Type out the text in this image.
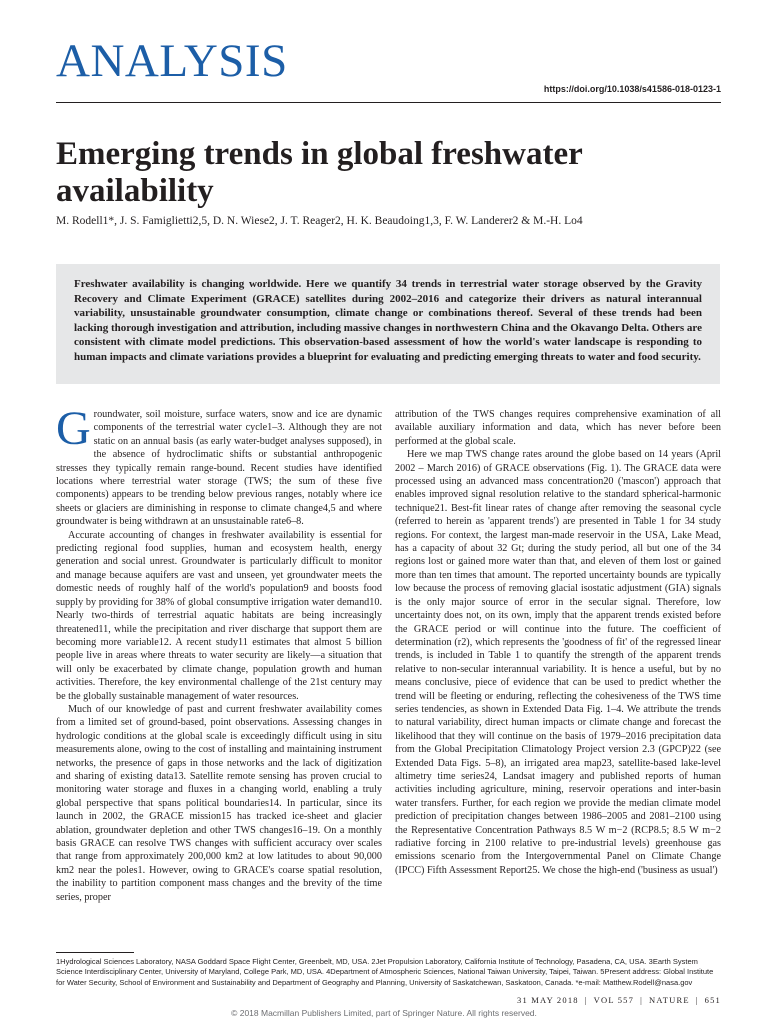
ANALYSIS
https://doi.org/10.1038/s41586-018-0123-1
Emerging trends in global freshwater availability

M. Rodell1*, J. S. Famiglietti2,5, D. N. Wiese2, J. T. Reager2, H. K. Beaudoing1,3, F. W. Landerer2 & M.-H. Lo4

Freshwater availability is changing worldwide. Here we quantify 34 trends in terrestrial water storage observed by the Gravity Recovery and Climate Experiment (GRACE) satellites during 2002–2016 and categorize their drivers as natural interannual variability, unsustainable groundwater consumption, climate change or combinations thereof. Several of these trends had been lacking thorough investigation and attribution, including massive changes in northwestern China and the Okavango Delta. Others are consistent with climate model predictions. This observation-based assessment of how the world's water landscape is responding to human impacts and climate variations provides a blueprint for evaluating and predicting emerging threats to water and food security.

Groundwater, soil moisture, surface waters, snow and ice are dynamic components of the terrestrial water cycle1–3. Although they are not static on an annual basis (as early water-budget analyses supposed), in the absence of hydroclimatic shifts or substantial anthropogenic stresses they typically remain range-bound. Recent studies have identified locations where terrestrial water storage (TWS; the sum of these five components) appears to be trending below previous ranges, notably where ice sheets or glaciers are diminishing in response to climate change4,5 and where groundwater is being withdrawn at an unsustainable rate6–8.

Accurate accounting of changes in freshwater availability is essential for predicting regional food supplies, human and ecosystem health, energy generation and social unrest. Groundwater is particularly difficult to monitor and manage because aquifers are vast and unseen, yet groundwater meets the domestic needs of roughly half of the world's population9 and boosts food supply by providing for 38% of global consumptive irrigation water demand10. Nearly two-thirds of terrestrial aquatic habitats are being increasingly threatened11, while the precipitation and river discharge that support them are becoming more variable12. A recent study11 estimates that almost 5 billion people live in areas where threats to water security are likely—a situation that will only be exacerbated by climate change, population growth and human activities. Therefore, the key environmental challenge of the 21st century may be the globally sustainable management of water resources.

Much of our knowledge of past and current freshwater availability comes from a limited set of ground-based, point observations. Assessing changes in hydrologic conditions at the global scale is exceedingly difficult using in situ measurements alone, owing to the cost of installing and maintaining instrument networks, the presence of gaps in those networks and the lack of digitization and sharing of existing data13. Satellite remote sensing has proven crucial to monitoring water storage and fluxes in a changing world, enabling a truly global perspective that spans political boundaries14. In particular, since its launch in 2002, the GRACE mission15 has tracked ice-sheet and glacier ablation, groundwater depletion and other TWS changes16–19. On a monthly basis GRACE can resolve TWS changes with sufficient accuracy over scales that range from approximately 200,000 km2 at low latitudes to about 90,000 km2 near the poles1. However, owing to GRACE's coarse spatial resolution, the inability to partition component mass changes and the brevity of the time series, proper

attribution of the TWS changes requires comprehensive examination of all available auxiliary information and data, which has never before been performed at the global scale.

Here we map TWS change rates around the globe based on 14 years (April 2002 – March 2016) of GRACE observations (Fig. 1). The GRACE data were processed using an advanced mass concentration20 ('mascon') approach that enables improved signal resolution relative to the standard spherical-harmonic technique21. Best-fit linear rates of change after removing the seasonal cycle (referred to herein as 'apparent trends') are presented in Table 1 for 34 study regions. For context, the largest man-made reservoir in the USA, Lake Mead, has a capacity of about 32 Gt; during the study period, all but one of the 34 regions lost or gained more water than that, and eleven of them lost or gained more than ten times that amount. The reported uncertainty bounds are typically low because the process of removing glacial isostatic adjustment (GIA) signals is the only major source of error in the secular signal. Therefore, low uncertainty does not, on its own, imply that the apparent trends existed before the GRACE period or will continue into the future. The coefficient of determination (r2), which represents the 'goodness of fit' of the regressed linear trends, is included in Table 1 to quantify the strength of the apparent trends relative to non-secular interannual variability. It is hence a useful, but by no means conclusive, piece of evidence that can be used to predict whether the trend will be fleeting or enduring, reflecting the cohesiveness of the TWS time series tendencies, as shown in Extended Data Fig. 1–4. We attribute the trends to natural variability, direct human impacts or climate change and forecast the likelihood that they will continue on the basis of 1979–2016 precipitation data from the Global Precipitation Climatology Project version 2.3 (GPCP)22 (see Extended Data Figs. 5–8), an irrigated area map23, satellite-based lake-level altimetry time series24, Landsat imagery and published reports of human activities including agriculture, mining, reservoir operations and inter-basin water transfers. Further, for each region we provide the median climate model prediction of precipitation changes between 1986–2005 and 2081–2100 using the Representative Concentration Pathways 8.5 W m−2 (RCP8.5; 8.5 W m−2 radiative forcing in 2100 relative to pre-industrial levels) greenhouse gas emissions scenario from the Intergovernmental Panel on Climate Change (IPCC) Fifth Assessment Report25. We chose the high-end ('business as usual')

1Hydrological Sciences Laboratory, NASA Goddard Space Flight Center, Greenbelt, MD, USA. 2Jet Propulsion Laboratory, California Institute of Technology, Pasadena, CA, USA. 3Earth System Science Interdisciplinary Center, University of Maryland, College Park, MD, USA. 4Department of Atmospheric Sciences, National Taiwan University, Taipei, Taiwan. 5Present address: Global Institute for Water Security, School of Environment and Sustainability and Department of Geography and Planning, University of Saskatchewan, Saskatoon, Canada. *e-mail: Matthew.Rodell@nasa.gov
31 MAY 2018 | VOL 557 | NATURE | 651
© 2018 Macmillan Publishers Limited, part of Springer Nature. All rights reserved.
